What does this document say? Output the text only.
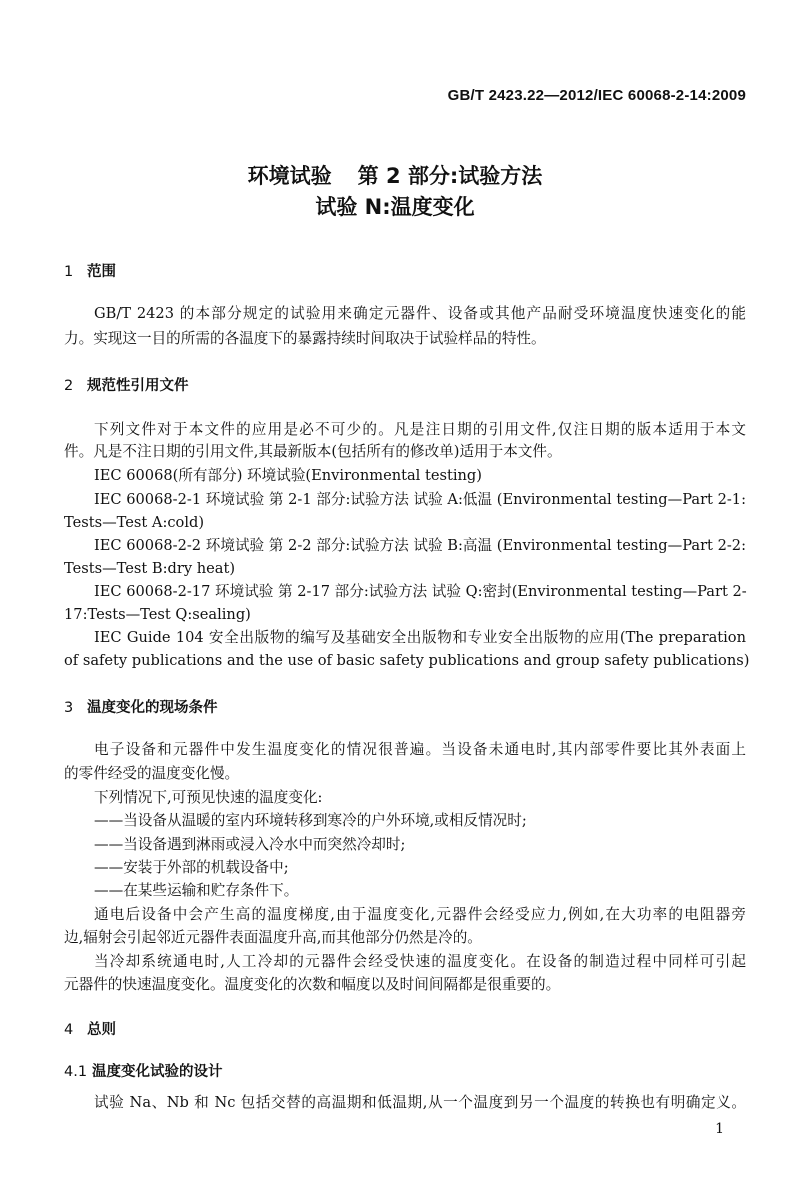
GB/T 2423.22—2012/IEC 60068-2-14:2009
环境试验 第 2 部分:试验方法
试验 N:温度变化
1 范围
GB/T 2423 的本部分规定的试验用来确定元器件、设备或其他产品耐受环境温度快速变化的能
力。实现这一目的所需的各温度下的暴露持续时间取决于试验样品的特性。
2 规范性引用文件
下列文件对于本文件的应用是必不可少的。凡是注日期的引用文件,仅注日期的版本适用于本文
件。凡是不注日期的引用文件,其最新版本(包括所有的修改单)适用于本文件。
IEC 60068(所有部分) 环境试验(Environmental testing)
IEC 60068-2-1 环境试验 第 2-1 部分:试验方法 试验 A:低温 (Environmental testing—Part 2-1:
Tests—Test A:cold)
IEC 60068-2-2 环境试验 第 2-2 部分:试验方法 试验 B:高温 (Environmental testing—Part 2-2:
Tests—Test B:dry heat)
IEC 60068-2-17 环境试验 第 2-17 部分:试验方法 试验 Q:密封(Environmental testing—Part 2-
17:Tests—Test Q:sealing)
IEC Guide 104 安全出版物的编写及基础安全出版物和专业安全出版物的应用(The preparation
of safety publications and the use of basic safety publications and group safety publications)
3 温度变化的现场条件
电子设备和元器件中发生温度变化的情况很普遍。当设备未通电时,其内部零件要比其外表面上
的零件经受的温度变化慢。
下列情况下,可预见快速的温度变化:
——当设备从温暖的室内环境转移到寒冷的户外环境,或相反情况时;
——当设备遇到淋雨或浸入冷水中而突然冷却时;
——安装于外部的机载设备中;
——在某些运输和贮存条件下。
通电后设备中会产生高的温度梯度,由于温度变化,元器件会经受应力,例如,在大功率的电阻器旁
边,辐射会引起邻近元器件表面温度升高,而其他部分仍然是冷的。
当冷却系统通电时,人工冷却的元器件会经受快速的温度变化。在设备的制造过程中同样可引起
元器件的快速温度变化。温度变化的次数和幅度以及时间间隔都是很重要的。
4 总则
4.1 温度变化试验的设计
试验 Na、Nb 和 Nc 包括交替的高温期和低温期,从一个温度到另一个温度的转换也有明确定义。
1
